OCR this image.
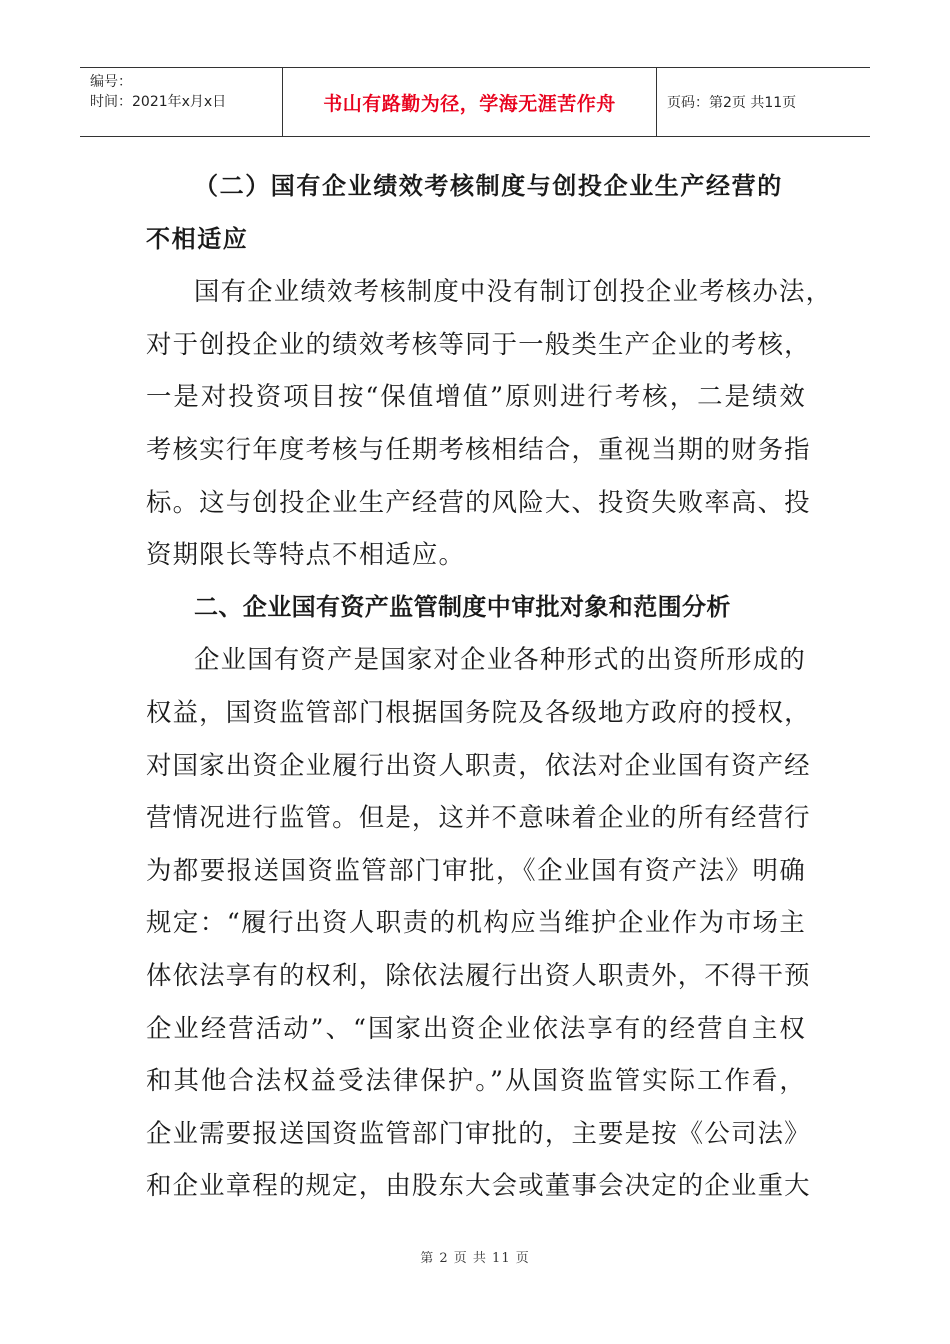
编号：
时间：2021年x月x日	书山有路勤为径，学海无涯苦作舟	页码：第2页 共11页
（二）国有企业绩效考核制度与创投企业生产经营的
不相适应
国有企业绩效考核制度中没有制订创投企业考核办法，
对于创投企业的绩效考核等同于一般类生产企业的考核，
一是对投资项目按“保值增值”原则进行考核，二是绩效
考核实行年度考核与任期考核相结合，重视当期的财务指
标。这与创投企业生产经营的风险大、投资失败率高、投
资期限长等特点不相适应。
二、企业国有资产监管制度中审批对象和范围分析
企业国有资产是国家对企业各种形式的出资所形成的
权益，国资监管部门根据国务院及各级地方政府的授权，
对国家出资企业履行出资人职责，依法对企业国有资产经
营情况进行监管。但是，这并不意味着企业的所有经营行
为都要报送国资监管部门审批，《企业国有资产法》明确
规定：“履行出资人职责的机构应当维护企业作为市场主
体依法享有的权利，除依法履行出资人职责外，不得干预
企业经营活动”、“国家出资企业依法享有的经营自主权
和其他合法权益受法律保护。”从国资监管实际工作看，
企业需要报送国资监管部门审批的，主要是按《公司法》
和企业章程的规定，由股东大会或董事会决定的企业重大
第 2 页 共 11 页
